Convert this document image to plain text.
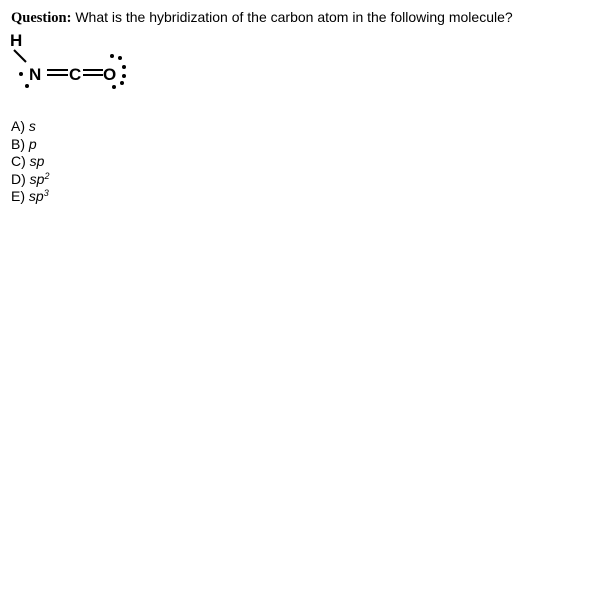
Question: What is the hybridization of the carbon atom in the following molecule?
H
N C O
A) s
B) p
C) sp
D) $sp^2$
E) $sp^3$
